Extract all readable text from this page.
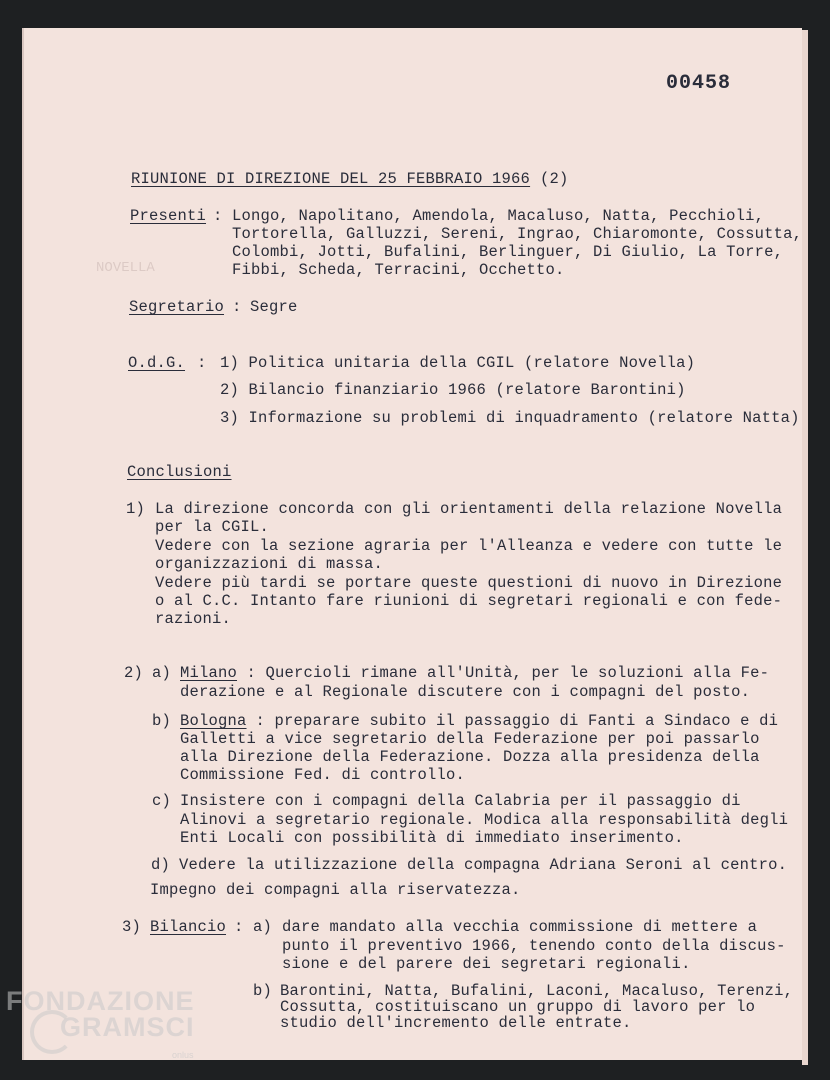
NOVELLA
00458
RIUNIONE DI DIREZIONE DEL 25 FEBBRAIO 1966 (2)
Presenti : Longo, Napolitano, Amendola, Macaluso, Natta, Pecchioli,
Tortorella, Galluzzi, Sereni, Ingrao, Chiaromonte, Cossutta,
Colombi, Jotti, Bufalini, Berlinguer, Di Giulio, La Torre,
Fibbi, Scheda, Terracini, Occhetto.
Segretario : Segre
O.d.G. : 1) Politica unitaria della CGIL (relatore Novella)
2) Bilancio finanziario 1966 (relatore Barontini)
3) Informazione su problemi di inquadramento (relatore Natta)
Conclusioni
1) La direzione concorda con gli orientamenti della relazione Novella
per la CGIL.
Vedere con la sezione agraria per l'Alleanza e vedere con tutte le
organizzazioni di massa.
Vedere più tardi se portare queste questioni di nuovo in Direzione
o al C.C. Intanto fare riunioni di segretari regionali e con fede-
razioni.
2) a) Milano : Quercioli rimane all'Unità, per le soluzioni alla Fe-
derazione e al Regionale discutere con i compagni del posto.
b) Bologna : preparare subito il passaggio di Fanti a Sindaco e di
Galletti a vice segretario della Federazione per poi passarlo
alla Direzione della Federazione. Dozza alla presidenza della
Commissione Fed. di controllo.
c) Insistere con i compagni della Calabria per il passaggio di
Alinovi a segretario regionale. Modica alla responsabilità degli
Enti Locali con possibilità di immediato inserimento.
d) Vedere la utilizzazione della compagna Adriana Seroni al centro.
Impegno dei compagni alla riservatezza.
3) Bilancio : a) dare mandato alla vecchia commissione di mettere a
punto il preventivo 1966, tenendo conto della discus-
sione e del parere dei segretari regionali.
b) Barontini, Natta, Bufalini, Laconi, Macaluso, Terenzi,
Cossutta, costituiscano un gruppo di lavoro per lo
studio dell'incremento delle entrate.
FONDAZIONE
GRAMSCI
onlus
